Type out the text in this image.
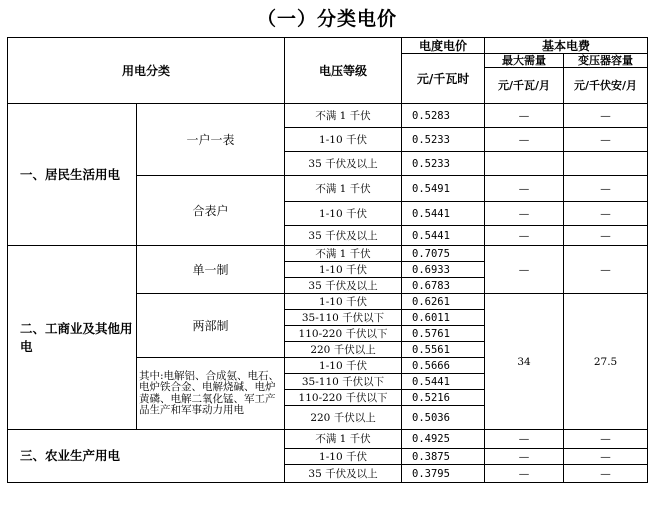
（一）分类电价
用电分类		电压等级	电度电价	基本电费	
			元/千瓦时	最大需量	变压器容量
				元/千瓦/月	元/千伏安/月
一、居民生活用电	一户一表	不满 1 千伏	0.5283	—	—
		1-10 千伏	0.5233	—	—
		35 千伏及以上	0.5233		
	合表户	不满 1 千伏	0.5491	—	—
		1-10 千伏	0.5441	—	—
		35 千伏及以上	0.5441	—	—
二、工商业及其他用电	单一制	不满 1 千伏	0.7075	—	—
		1-10 千伏	0.6933		
		35 千伏及以上	0.6783		
	两部制	1-10 千伏	0.6261	34	27.5
		35-110 千伏以下	0.6011		
		110-220 千伏以下	0.5761		
		220 千伏以上	0.5561		
	其中:电解铝、合成氨、电石、电炉铁合金、电解烧碱、电炉黄磷、电解二氧化锰、军工产品生产和军事动力用电	1-10 千伏	0.5666		
		35-110 千伏以下	0.5441		
		110-220 千伏以下	0.5216		
		220 千伏以上	0.5036		
三、农业生产用电		不满 1 千伏	0.4925	—	—
		1-10 千伏	0.3875	—	—
		35 千伏及以上	0.3795	—	—
